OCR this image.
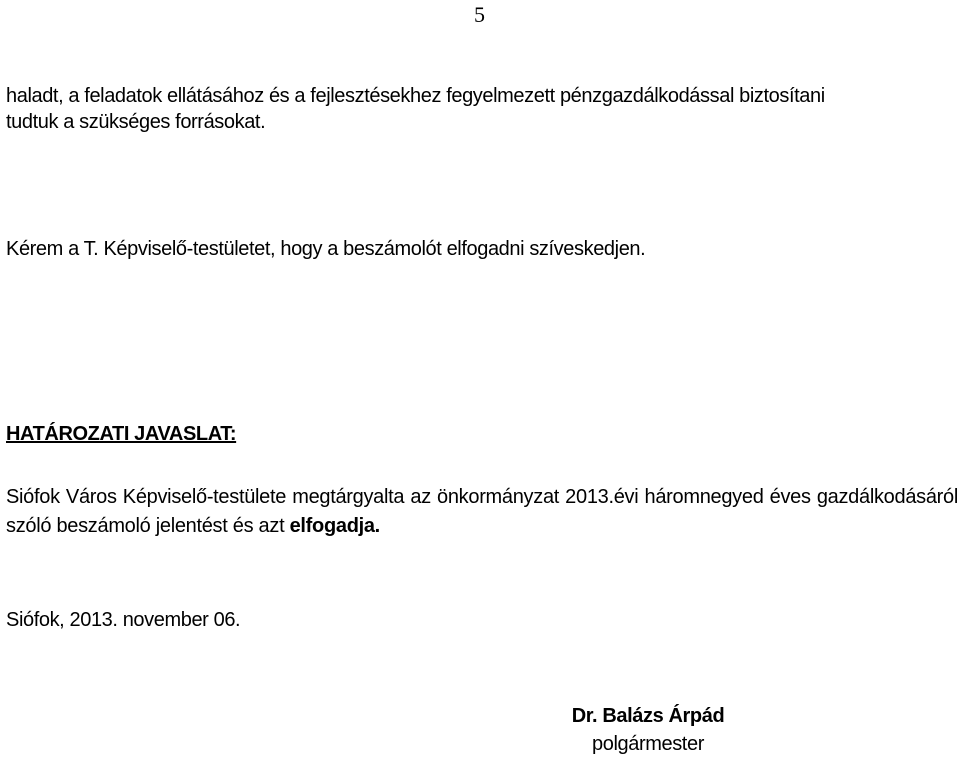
5
haladt, a feladatok ellátásához és a fejlesztésekhez fegyelmezett pénzgazdálkodással biztosítani
tudtuk a szükséges forrásokat.
Kérem a T. Képviselő-testületet, hogy a beszámolót elfogadni szíveskedjen.
HATÁROZATI JAVASLAT:
Siófok Város Képviselő-testülete megtárgyalta az önkormányzat 2013.évi háromnegyed éves gazdálkodásáról szóló beszámoló jelentést és azt elfogadja.
Siófok, 2013. november 06.
Dr. Balázs Árpád
polgármester
